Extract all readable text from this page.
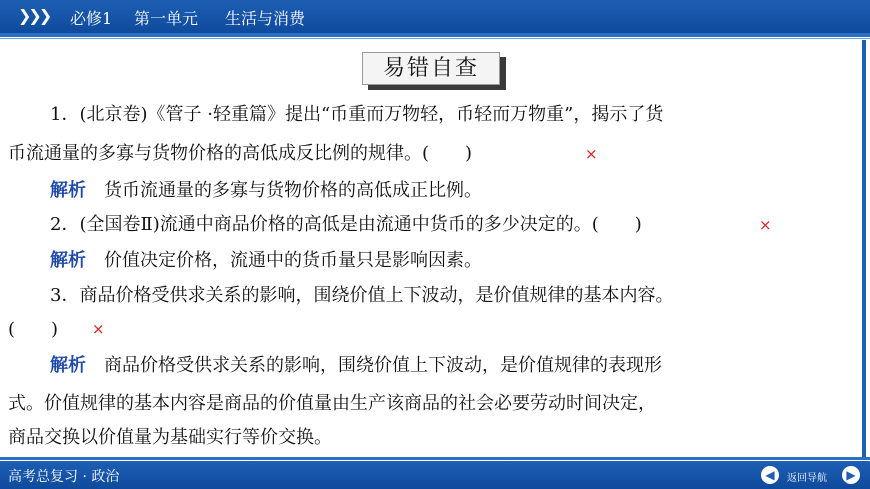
❯❯❯ 必修1 第一单元 生活与消费
易错自查
1．(北京卷)《管子 ·轻重篇》提出“币重而万物轻，币轻而万物重”，揭示了货
币流通量的多寡与货物价格的高低成反比例的规律。(　　)	×
解析　 货币流通量的多寡与货物价格的高低成正比例。
2．(全国卷Ⅱ)流通中商品价格的高低是由流通中货币的多少决定的。(　　)	×
解析　 价值决定价格，流通中的货币量只是影响因素。
3．商品价格受供求关系的影响，围绕价值上下波动，是价值规律的基本内容。
(　　) ×
解析　 商品价格受供求关系的影响，围绕价值上下波动，是价值规律的表现形
式。价值规律的基本内容是商品的价值量由生产该商品的社会必要劳动时间决定，
商品交换以价值量为基础实行等价交换。
高考总复习 · 政治	◀	返回导航	▶
